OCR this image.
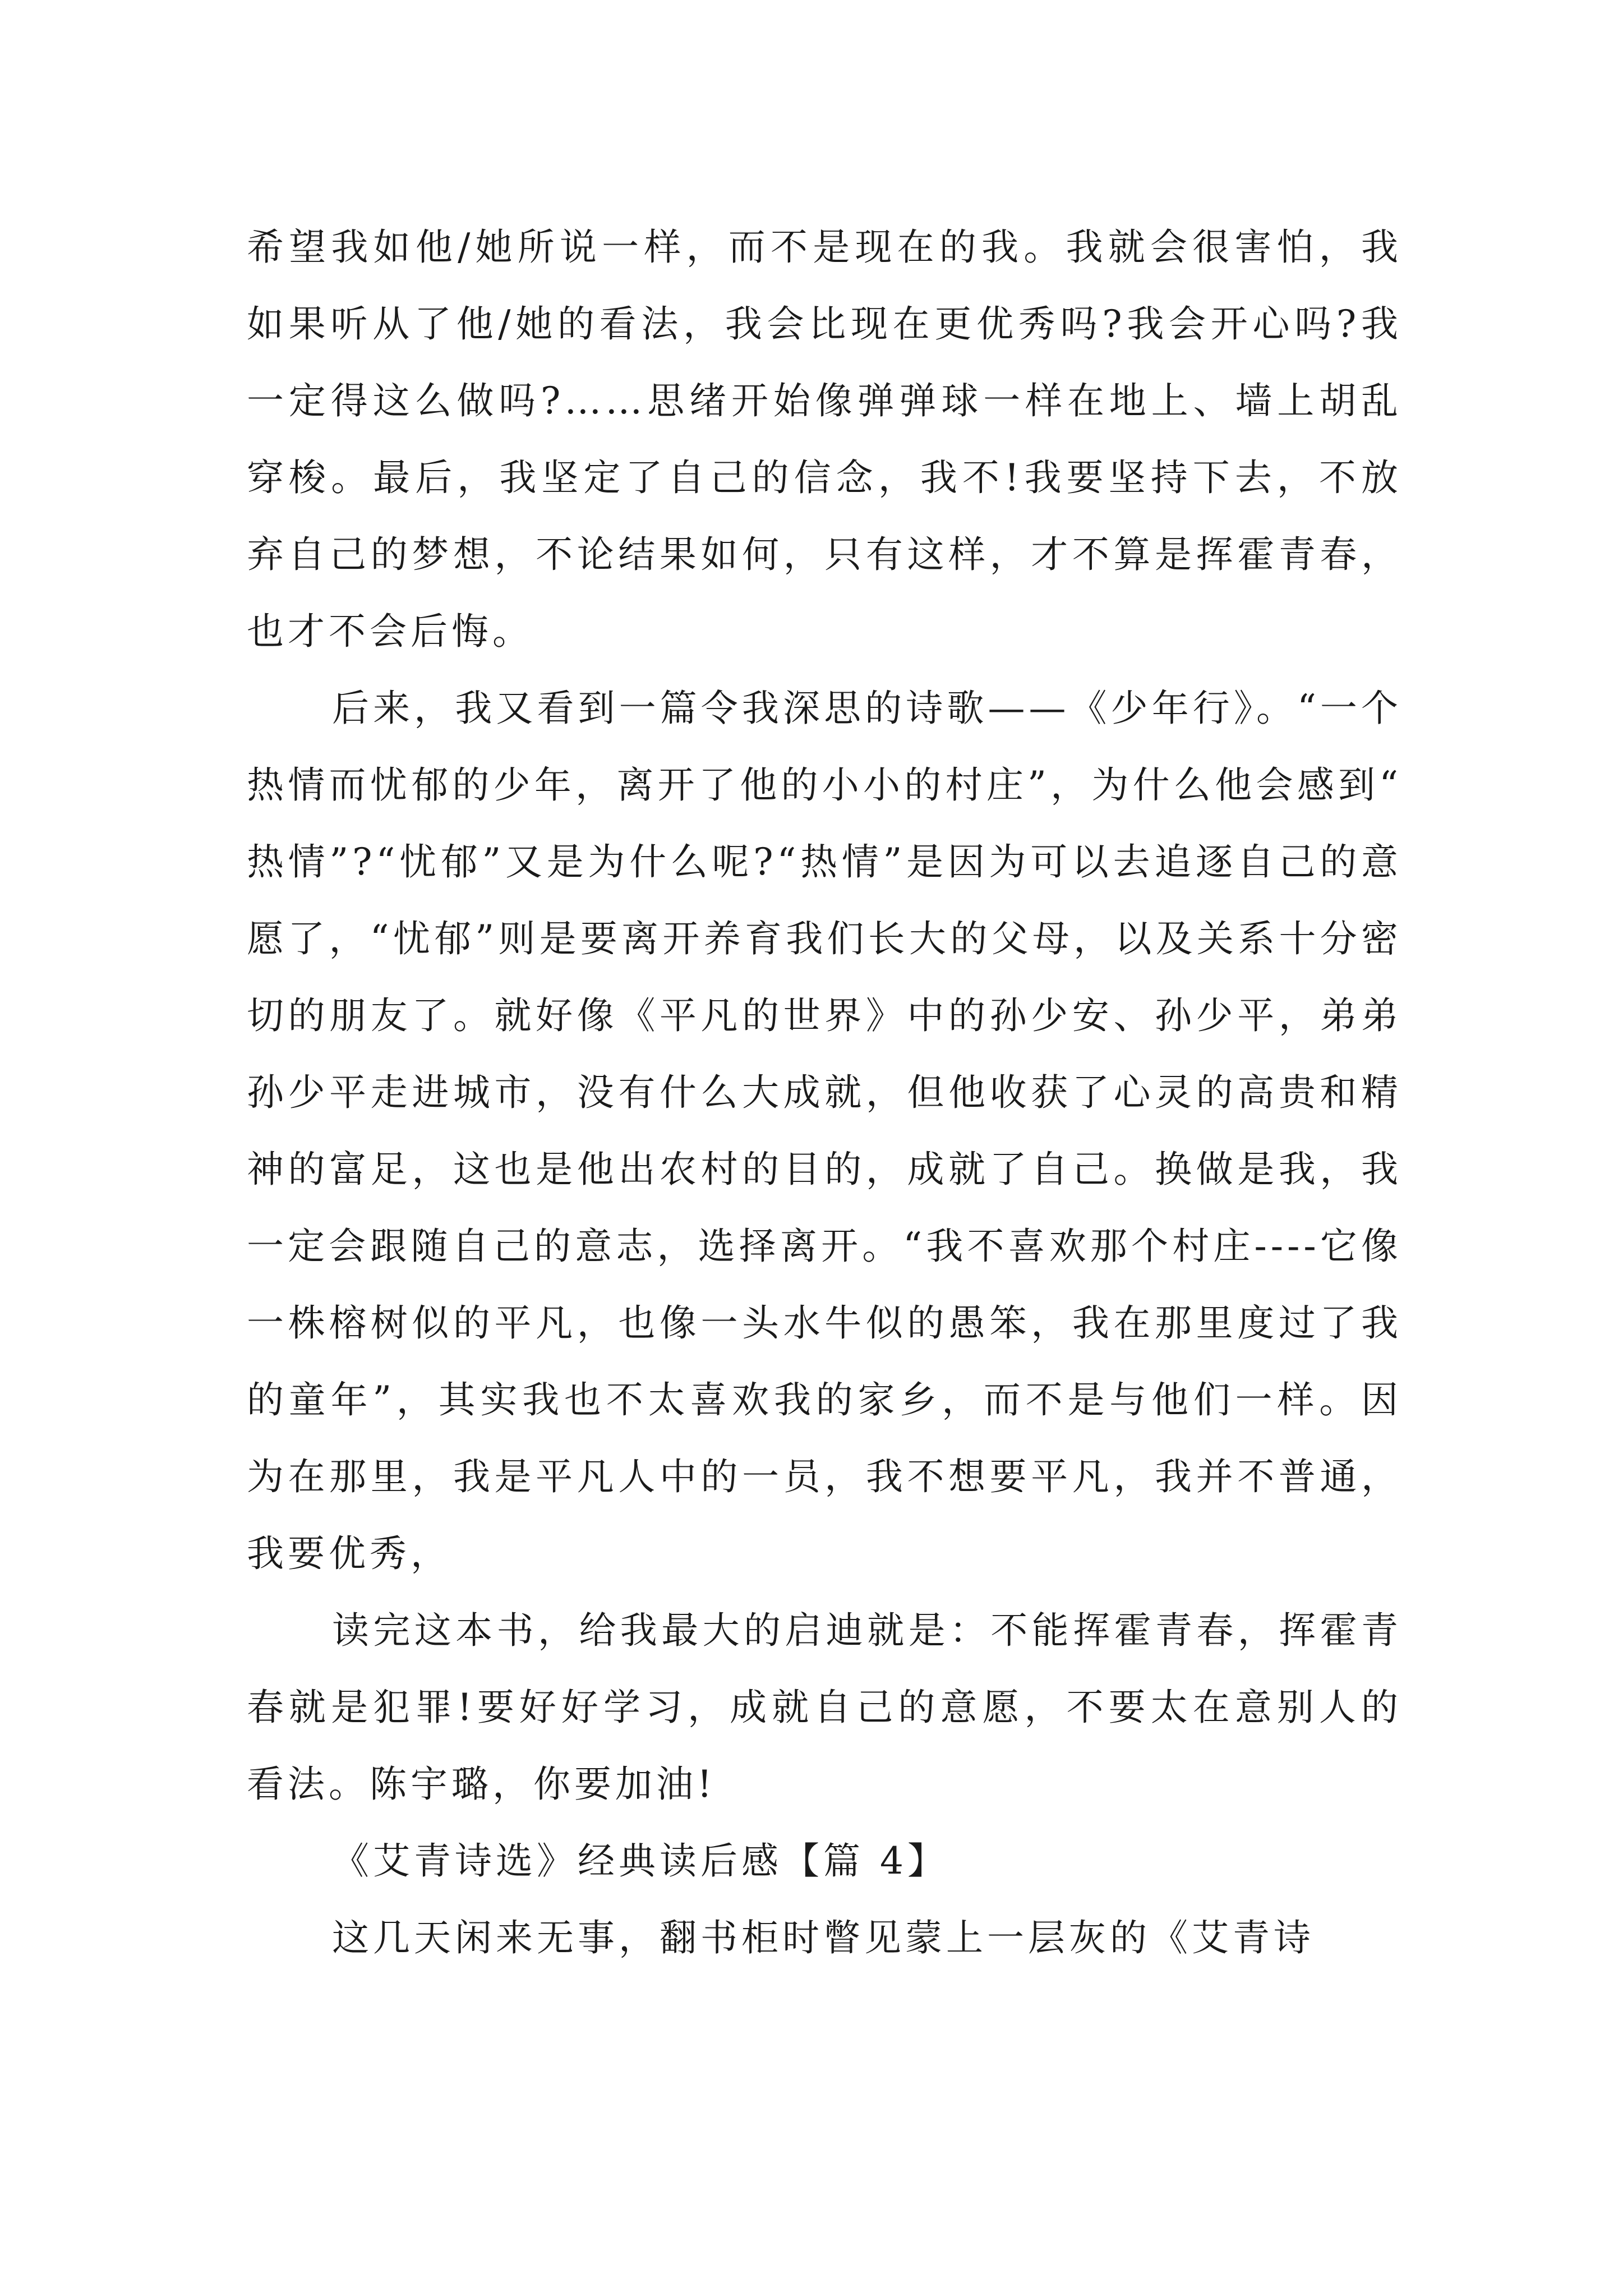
希望我如他/她所说一样，而不是现在的我。我就会很害怕，我如果听从了他/她的看法，我会比现在更优秀吗?我会开心吗?我一定得这么做吗?……思绪开始像弹弹球一样在地上、墙上胡乱穿梭。最后，我坚定了自己的信念，我不!我要坚持下去，不放弃自己的梦想，不论结果如何，只有这样，才不算是挥霍青春，也才不会后悔。

后来，我又看到一篇令我深思的诗歌——《少年行》。“一个热情而忧郁的少年，离开了他的小小的村庄”，为什么他会感到“热情”?“忧郁”又是为什么呢?“热情”是因为可以去追逐自己的意愿了，“忧郁”则是要离开养育我们长大的父母，以及关系十分密切的朋友了。就好像《平凡的世界》中的孙少安、孙少平，弟弟孙少平走进城市，没有什么大成就，但他收获了心灵的高贵和精神的富足，这也是他出农村的目的，成就了自己。换做是我，我一定会跟随自己的意志，选择离开。“我不喜欢那个村庄----它像一株榕树似的平凡，也像一头水牛似的愚笨，我在那里度过了我的童年”，其实我也不太喜欢我的家乡，而不是与他们一样。因为在那里，我是平凡人中的一员，我不想要平凡，我并不普通，我要优秀，

读完这本书，给我最大的启迪就是：不能挥霍青春，挥霍青春就是犯罪!要好好学习，成就自己的意愿，不要太在意别人的看法。陈宇璐，你要加油!

《艾青诗选》经典读后感【篇 4】

这几天闲来无事，翻书柜时瞥见蒙上一层灰的《艾青诗
